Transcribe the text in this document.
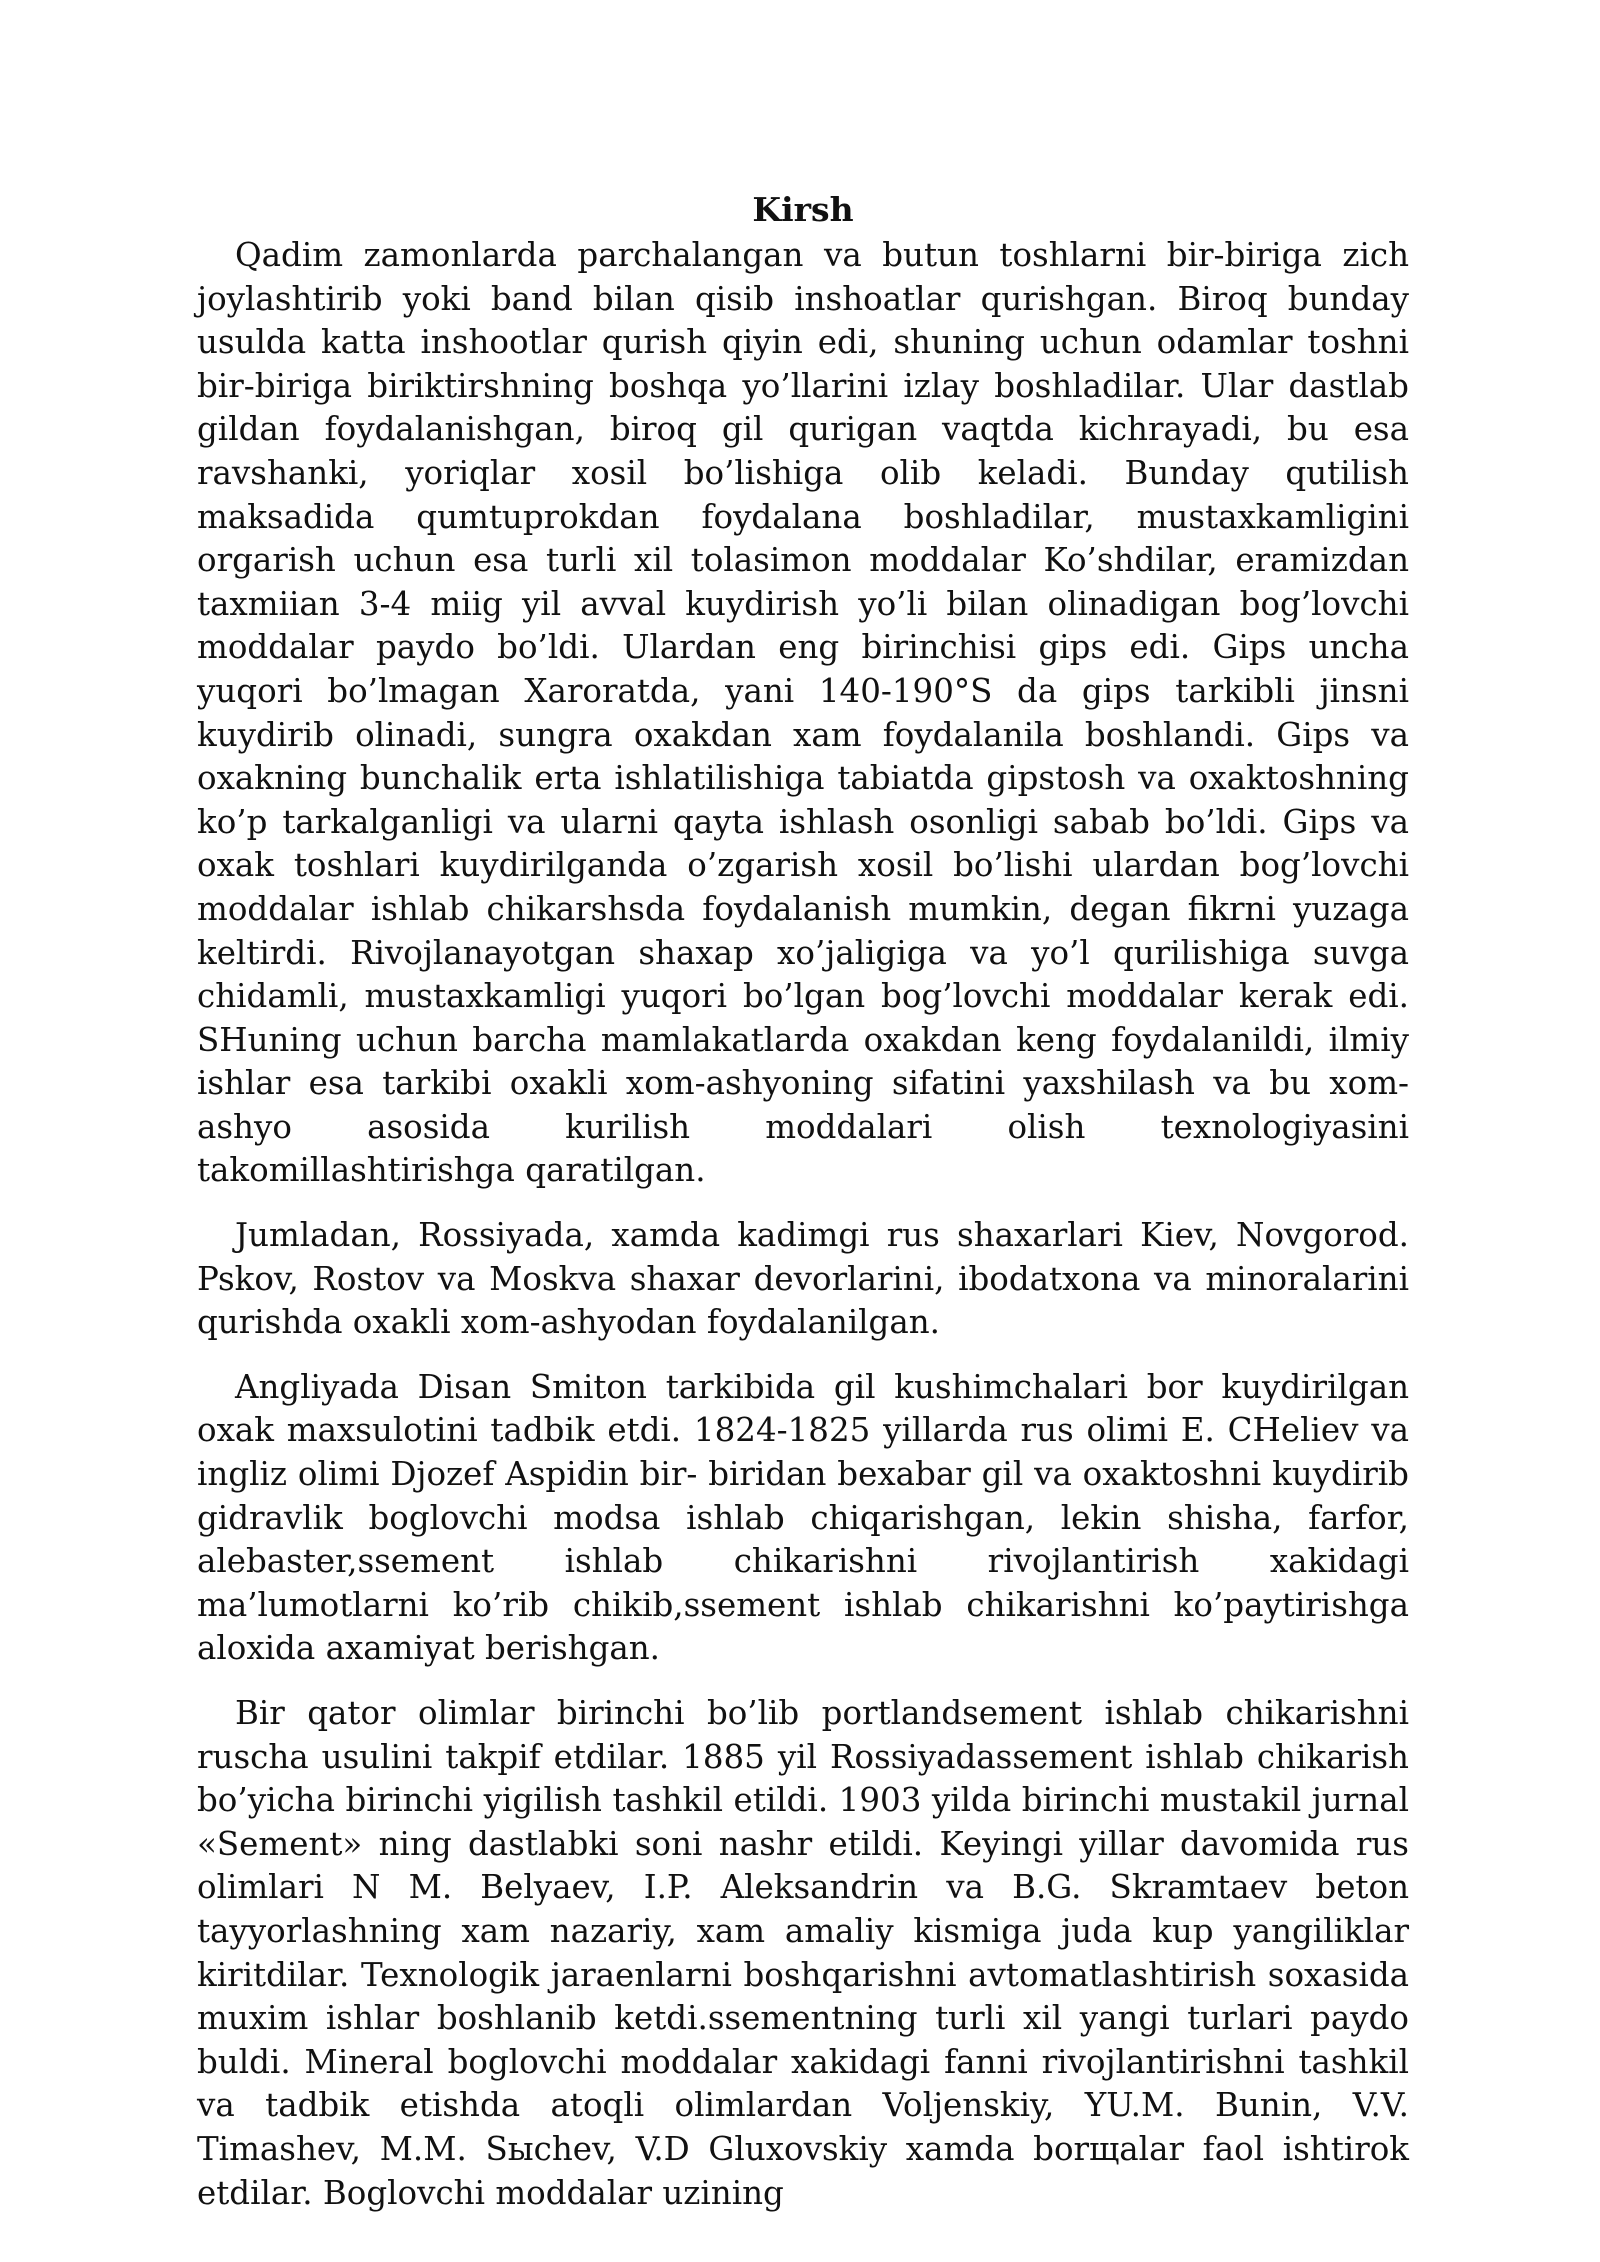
Kirsh

Qadim zamonlarda parchalangan va butun toshlarni bir-biriga zich joylashtirib yoki band bilan qisib inshoatlar qurishgan. Biroq bunday usulda katta inshootlar qurish qiyin edi, shuning uchun odamlar toshni bir-biriga biriktirshning boshqa yo’llarini izlay boshladilar. Ular dastlab gildan foydalanishgan, biroq gil qurigan vaqtda kichrayadi, bu esa ravshanki, yoriqlar xosil bo’lishiga olib keladi. Bunday qutilish maksadida qumtuprokdan foydalana boshladilar, mustaxkamligini orgarish uchun esa turli xil tolasimon moddalar Ko’shdilar, eramizdan taxmiian 3-4 miig yil avval kuydirish yo’li bilan olinadigan bog’lovchi moddalar paydo bo’ldi. Ulardan eng birinchisi gips edi. Gips uncha yuqori bo’lmagan Xaroratda, yani 140-190°S da gips tarkibli jinsni kuydirib olinadi, sungra oxakdan xam foydalanila boshlandi. Gips va oxakning bunchalik erta ishlatilishiga tabiatda gipstosh va oxaktoshning ko’p tarkalganligi va ularni qayta ishlash osonligi sabab bo’ldi. Gips va oxak toshlari kuydirilganda o’zgarish xosil bo’lishi ulardan bog’lovchi moddalar ishlab chikarshsda foydalanish mumkin, degan fikrni yuzaga keltirdi. Rivojlanayotgan shaxap xo’jaligiga va yo’l qurilishiga suvga chidamli, mustaxkamligi yuqori bo’lgan bog’lovchi moddalar kerak edi. SHuning uchun barcha mamlakatlarda oxakdan keng foydalanildi, ilmiy ishlar esa tarkibi oxakli xom-ashyoning sifatini yaxshilash va bu xom-ashyo asosida kurilish moddalari olish texnologiyasini takomillashtirishga qaratilgan.

Jumladan, Rossiyada, xamda kadimgi rus shaxarlari Kiev, Novgorod. Pskov, Rostov va Moskva shaxar devorlarini, ibodatxona va minoralarini qurishda oxakli xom-ashyodan foydalanilgan.

Angliyada Disan Smiton tarkibida gil kushimchalari bor kuydirilgan oxak maxsulotini tadbik etdi. 1824-1825 yillarda rus olimi E. CHeliev va ingliz olimi Djozef Aspidin bir- biridan bexabar gil va oxaktoshni kuydirib gidravlik boglovchi modsa ishlab chiqarishgan, lekin shisha, farfor, alebaster,ssement ishlab chikarishni rivojlantirish xakidagi ma’lumotlarni ko’rib chikib,ssement ishlab chikarishni ko’paytirishga aloxida axamiyat berishgan.

Bir qator olimlar birinchi bo’lib portlandsement ishlab chikarishni ruscha usulini takpif etdilar. 1885 yil Rossiyadassement ishlab chikarish bo’yicha birinchi yigilish tashkil etildi. 1903 yilda birinchi mustakil jurnal «Sement» ning dastlabki soni nashr etildi. Keyingi yillar davomida rus olimlari N M. Belyaev, I.P. Aleksandrin va B.G. Skramtaev beton tayyorlashning xam nazariy, xam amaliy kismiga juda kup yangiliklar kiritdilar. Texnologik jaraenlarni boshqarishni avtomatlashtirish soxasida muxim ishlar boshlanib ketdi.ssementning turli xil yangi turlari paydo buldi. Mineral boglovchi moddalar xakidagi fanni rivojlantirishni tashkil va tadbik etishda atoqli olimlardan Voljenskiy, YU.M. Bunin, V.V. Timashev, M.M. Sыchev, V.D Gluxovskiy xamda borщalar faol ishtirok etdilar. Boglovchi moddalar uzining
